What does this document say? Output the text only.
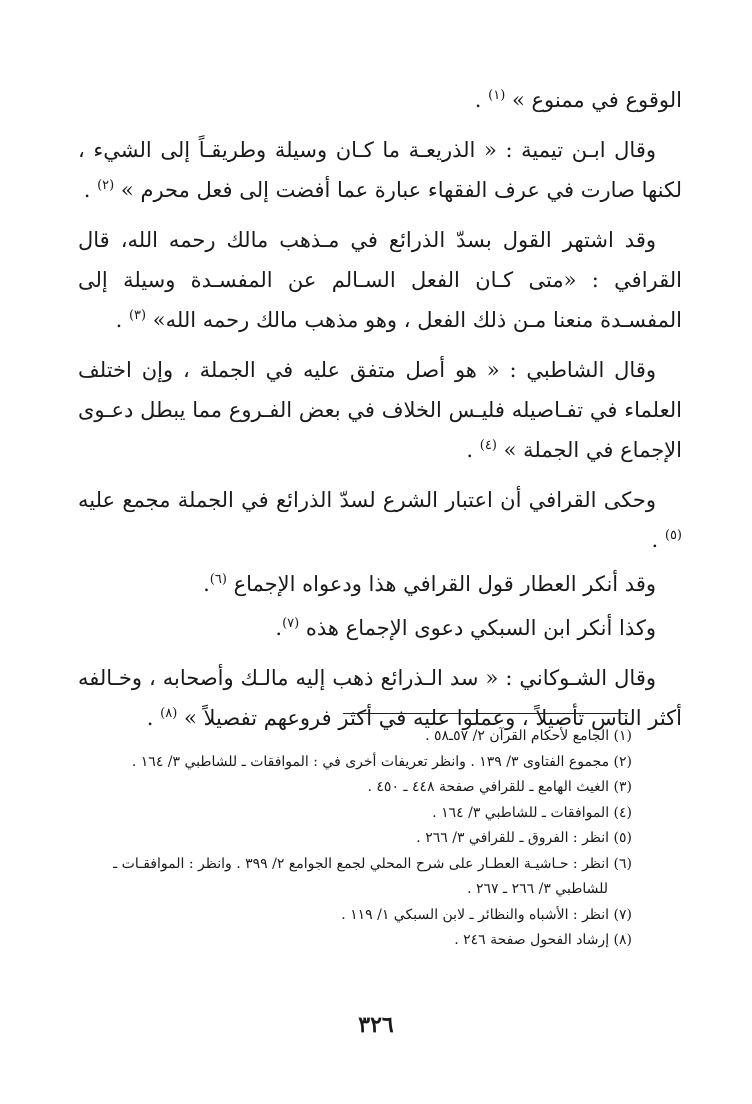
الوقوع في ممنوع » $^{(١)}$ .

وقال ابـن تيمية : « الذريعـة ما كـان وسيلة وطريقـاً إلى الشيء ، لكنها صارت في عرف الفقهاء عبارة عما أفضت إلى فعل محرم » $^{(٢)}$ .

وقد اشتهر القول بسدّ الذرائع في مـذهب مالك رحمه الله، قال القرافي : «متى كـان الفعل السـالم عن المفسـدة وسيلة إلى المفسـدة منعنا مـن ذلك الفعل ، وهو مذهب مالك رحمه الله» $^{(٣)}$ .

وقال الشاطبي : « هو أصل متفق عليه في الجملة ، وإن اختلف العلماء في تفـاصيله فليـس الخلاف في بعض الفـروع مما يبطل دعـوى الإجماع في الجملة » $^{(٤)}$ .

وحكى القرافي أن اعتبار الشرع لسدّ الذرائع في الجملة مجمع عليه $^{(٥)}$ .

وقد أنكر العطار قول القرافي هذا ودعواه الإجماع $^{(٦)}$.

وكذا أنكر ابن السبكي دعوى الإجماع هذه $^{(٧)}$.

وقال الشـوكاني : « سد الـذرائع ذهب إليه مالـك وأصحابه ، وخـالفه أكثر الناس تأصيلاً ، وعملوا عليه في أكثر فروعهم تفصيلاً » $^{(٨)}$ .

(١) الجامع لأحكام القرآن ٢/ ٥٧ـ٥٨ .
(٢) مجموع الفتاوى ٣/ ١٣٩ . وانظر تعريفات أخرى في : الموافقات ـ للشاطبي ٣/ ١٦٤ .
(٣) الغيث الهامع ـ للقرافي صفحة ٤٤٨ ـ ٤٥٠ .
(٤) الموافقات ـ للشاطبي ٣/ ١٦٤ .
(٥) انظر : الفروق ـ للقرافي ٣/ ٢٦٦ .
(٦) انظر : حـاشيـة العطـار على شرح المحلي لجمع الجوامع ٢/ ٣٩٩ . وانظر : الموافقـات ـ
للشاطبي ٣/ ٢٦٦ ـ ٢٦٧ .
(٧) انظر : الأشباه والنظائر ـ لابن السبكي ١/ ١١٩ .
(٨) إرشاد الفحول صفحة ٢٤٦ .
٣٢٦
